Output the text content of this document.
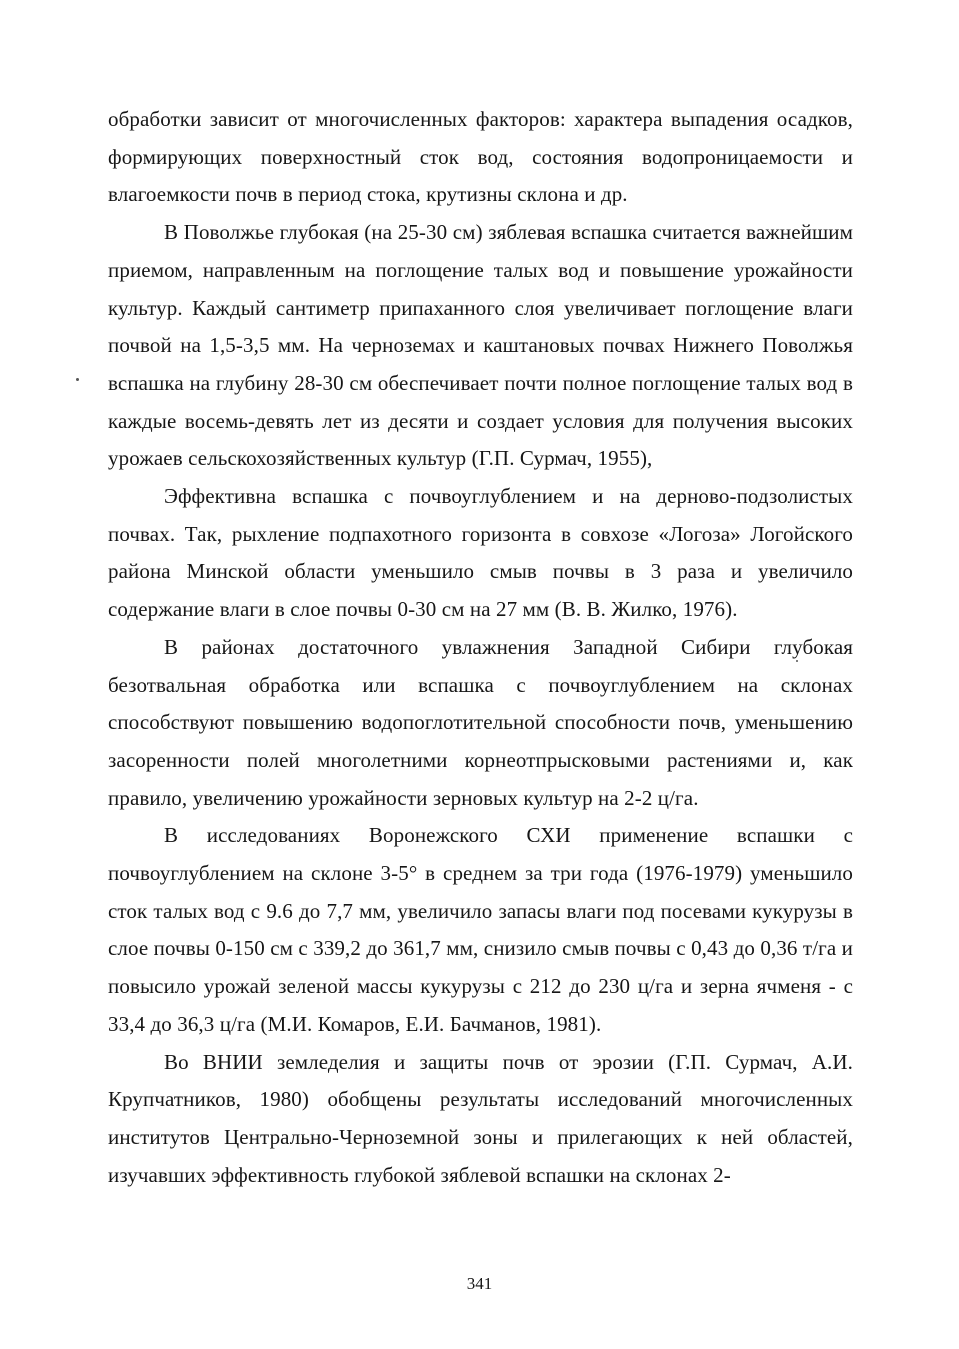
обработки зависит от многочисленных факторов: характера выпадения осадков, формирующих поверхностный сток вод, состояния водопроницаемости и влагоемкости почв в период стока, крутизны склона и др.

В Поволжье глубокая (на 25-30 см) зяблевая вспашка считается важнейшим приемом, направленным на поглощение талых вод и повышение урожайности культур. Каждый сантиметр припаханного слоя увеличивает поглощение влаги почвой на 1,5-3,5 мм. На черноземах и каштановых почвах Нижнего Поволжья вспашка на глубину 28-30 см обеспечивает почти полное поглощение талых вод в каждые восемь-девять лет из десяти и создает условия для получения высоких урожаев сельскохозяйственных культур (Г.П. Сурмач, 1955),

Эффективна вспашка с почвоуглублением и на дерново-подзолистых почвах. Так, рыхление подпахотного горизонта в совхозе «Логоза» Логойского района Минской области уменьшило смыв почвы в 3 раза и увеличило содержание влаги в слое почвы 0-30 см на 27 мм (В. В. Жилко, 1976).

В районах достаточного увлажнения Западной Сибири глубокая безотвальная обработка или вспашка с почвоуглублением на склонах способствуют повышению водопоглотительной способности почв, уменьшению засоренности полей многолетними корнеотпрысковыми растениями и, как правило, увеличению урожайности зерновых культур на 2-2 ц/га.

В исследованиях Воронежского СХИ применение вспашки с почвоуглублением на склоне 3-5° в среднем за три года (1976-1979) уменьшило сток талых вод с 9.6 до 7,7 мм, увеличило запасы влаги под посевами кукурузы в слое почвы 0-150 см с 339,2 до 361,7 мм, снизило смыв почвы с 0,43 до 0,36 т/га и повысило урожай зеленой массы кукурузы с 212 до 230 ц/га и зерна ячменя - с 33,4 до 36,3 ц/га (М.И. Комаров, Е.И. Бачманов, 1981).

Во ВНИИ земледелия и защиты почв от эрозии (Г.П. Сурмач, А.И. Крупчатников, 1980) обобщены результаты исследований многочисленных институтов Центрально-Черноземной зоны и прилегающих к ней областей, изучавших эффективность глубокой зяблевой вспашки на склонах 2-

341
